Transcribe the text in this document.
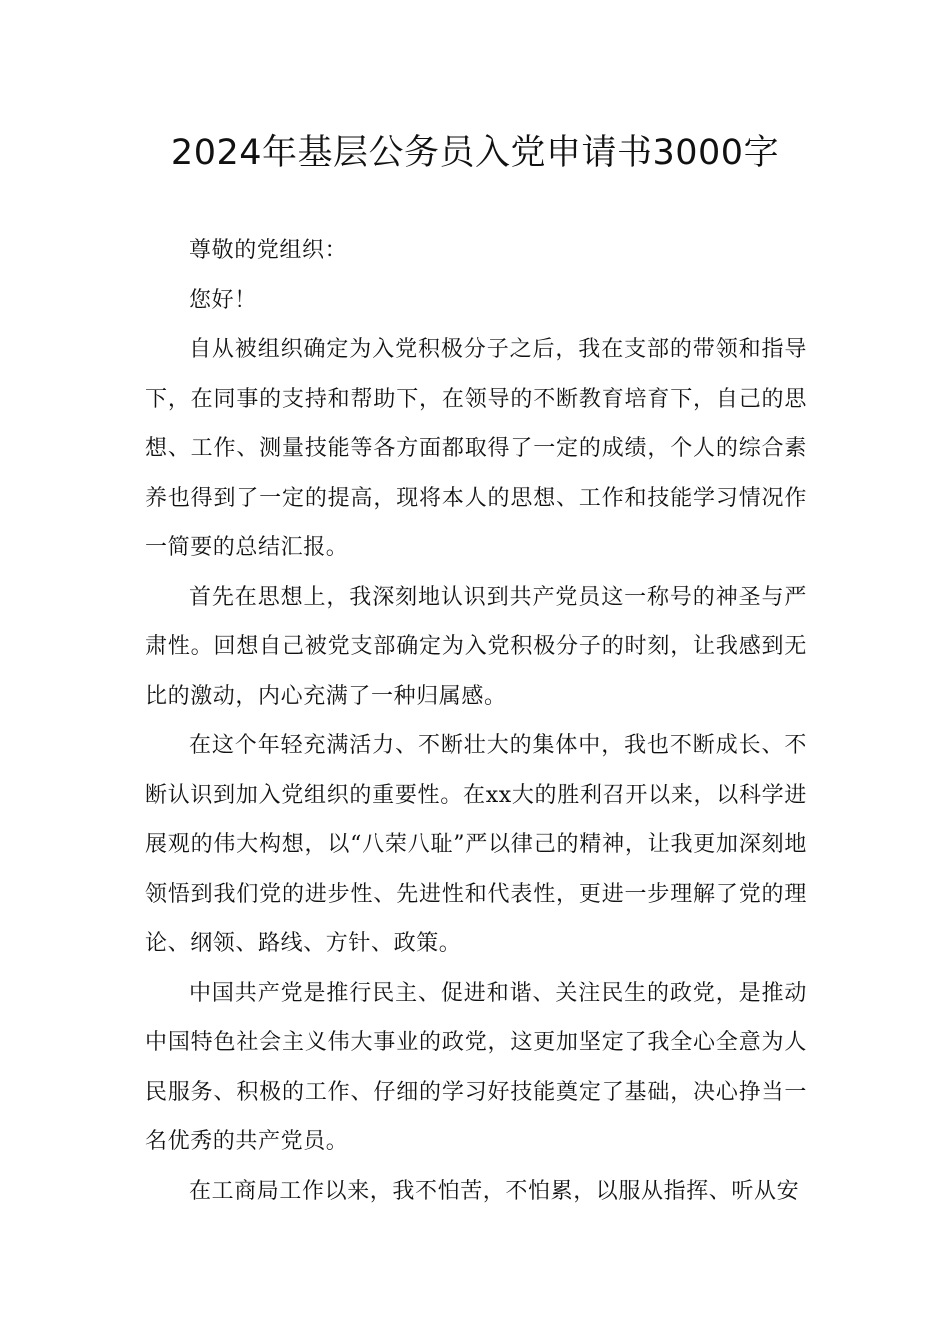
2024年基层公务员入党申请书3000字

尊敬的党组织：

您好！

自从被组织确定为入党积极分子之后，我在支部的带领和指导下，在同事的支持和帮助下，在领导的不断教育培育下，自己的思想、工作、测量技能等各方面都取得了一定的成绩，个人的综合素养也得到了一定的提高，现将本人的思想、工作和技能学习情况作一简要的总结汇报。

首先在思想上，我深刻地认识到共产党员这一称号的神圣与严肃性。回想自己被党支部确定为入党积极分子的时刻，让我感到无比的激动，内心充满了一种归属感。

在这个年轻充满活力、不断壮大的集体中，我也不断成长、不断认识到加入党组织的重要性。在xx大的胜利召开以来，以科学进展观的伟大构想，以“八荣八耻”严以律己的精神，让我更加深刻地领悟到我们党的进步性、先进性和代表性，更进一步理解了党的理论、纲领、路线、方针、政策。

中国共产党是推行民主、促进和谐、关注民生的政党，是推动中国特色社会主义伟大事业的政党，这更加坚定了我全心全意为人民服务、积极的工作、仔细的学习好技能奠定了基础，决心挣当一名优秀的共产党员。

在工商局工作以来，我不怕苦，不怕累，以服从指挥、听从安
